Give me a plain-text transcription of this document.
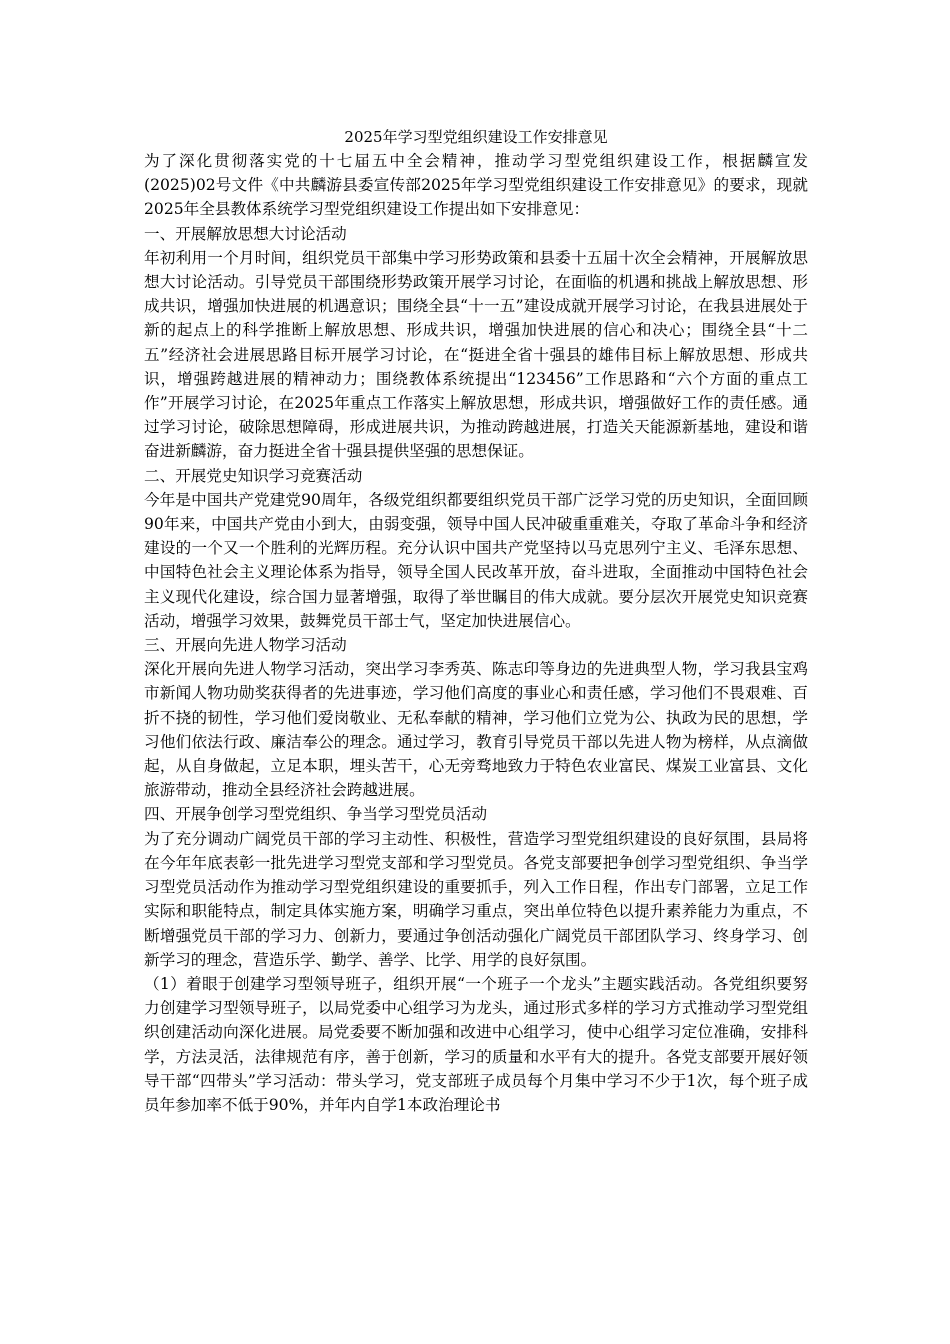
2025年学习型党组织建设工作安排意见

为了深化贯彻落实党的十七届五中全会精神，推动学习型党组织建设工作，根据麟宣发(2025)02号文件《中共麟游县委宣传部2025年学习型党组织建设工作安排意见》的要求，现就2025年全县教体系统学习型党组织建设工作提出如下安排意见：

一、开展解放思想大讨论活动

年初利用一个月时间，组织党员干部集中学习形势政策和县委十五届十次全会精神，开展解放思想大讨论活动。引导党员干部围绕形势政策开展学习讨论，在面临的机遇和挑战上解放思想、形成共识，增强加快进展的机遇意识；围绕全县“十一五”建设成就开展学习讨论，在我县进展处于新的起点上的科学推断上解放思想、形成共识，增强加快进展的信心和决心；围绕全县“十二五”经济社会进展思路目标开展学习讨论，在“挺进全省十强县的雄伟目标上解放思想、形成共识，增强跨越进展的精神动力；围绕教体系统提出“123456”工作思路和“六个方面的重点工作”开展学习讨论，在2025年重点工作落实上解放思想，形成共识，增强做好工作的责任感。通过学习讨论，破除思想障碍，形成进展共识，为推动跨越进展，打造关天能源新基地，建设和谐奋进新麟游，奋力挺进全省十强县提供坚强的思想保证。

二、开展党史知识学习竞赛活动

今年是中国共产党建党90周年，各级党组织都要组织党员干部广泛学习党的历史知识，全面回顾90年来，中国共产党由小到大，由弱变强，领导中国人民冲破重重难关，夺取了革命斗争和经济建设的一个又一个胜利的光辉历程。充分认识中国共产党坚持以马克思列宁主义、毛泽东思想、中国特色社会主义理论体系为指导，领导全国人民改革开放，奋斗进取，全面推动中国特色社会主义现代化建设，综合国力显著增强，取得了举世瞩目的伟大成就。要分层次开展党史知识竞赛活动，增强学习效果，鼓舞党员干部士气，坚定加快进展信心。

三、开展向先进人物学习活动

深化开展向先进人物学习活动，突出学习李秀英、陈志印等身边的先进典型人物，学习我县宝鸡市新闻人物功勋奖获得者的先进事迹，学习他们高度的事业心和责任感，学习他们不畏艰难、百折不挠的韧性，学习他们爱岗敬业、无私奉献的精神，学习他们立党为公、执政为民的思想，学习他们依法行政、廉洁奉公的理念。通过学习，教育引导党员干部以先进人物为榜样，从点滴做起，从自身做起，立足本职，埋头苦干，心无旁骛地致力于特色农业富民、煤炭工业富县、文化旅游带动，推动全县经济社会跨越进展。

四、开展争创学习型党组织、争当学习型党员活动

为了充分调动广阔党员干部的学习主动性、积极性，营造学习型党组织建设的良好氛围，县局将在今年年底表彰一批先进学习型党支部和学习型党员。各党支部要把争创学习型党组织、争当学习型党员活动作为推动学习型党组织建设的重要抓手，列入工作日程，作出专门部署，立足工作实际和职能特点，制定具体实施方案，明确学习重点，突出单位特色以提升素养能力为重点，不断增强党员干部的学习力、创新力，要通过争创活动强化广阔党员干部团队学习、终身学习、创新学习的理念，营造乐学、勤学、善学、比学、用学的良好氛围。

（1）着眼于创建学习型领导班子，组织开展“一个班子一个龙头”主题实践活动。各党组织要努力创建学习型领导班子，以局党委中心组学习为龙头，通过形式多样的学习方式推动学习型党组织创建活动向深化进展。局党委要不断加强和改进中心组学习，使中心组学习定位准确，安排科学，方法灵活，法律规范有序，善于创新，学习的质量和水平有大的提升。各党支部要开展好领导干部“四带头”学习活动：带头学习，党支部班子成员每个月集中学习不少于1次，每个班子成员年参加率不低于90%，并年内自学1本政治理论书
